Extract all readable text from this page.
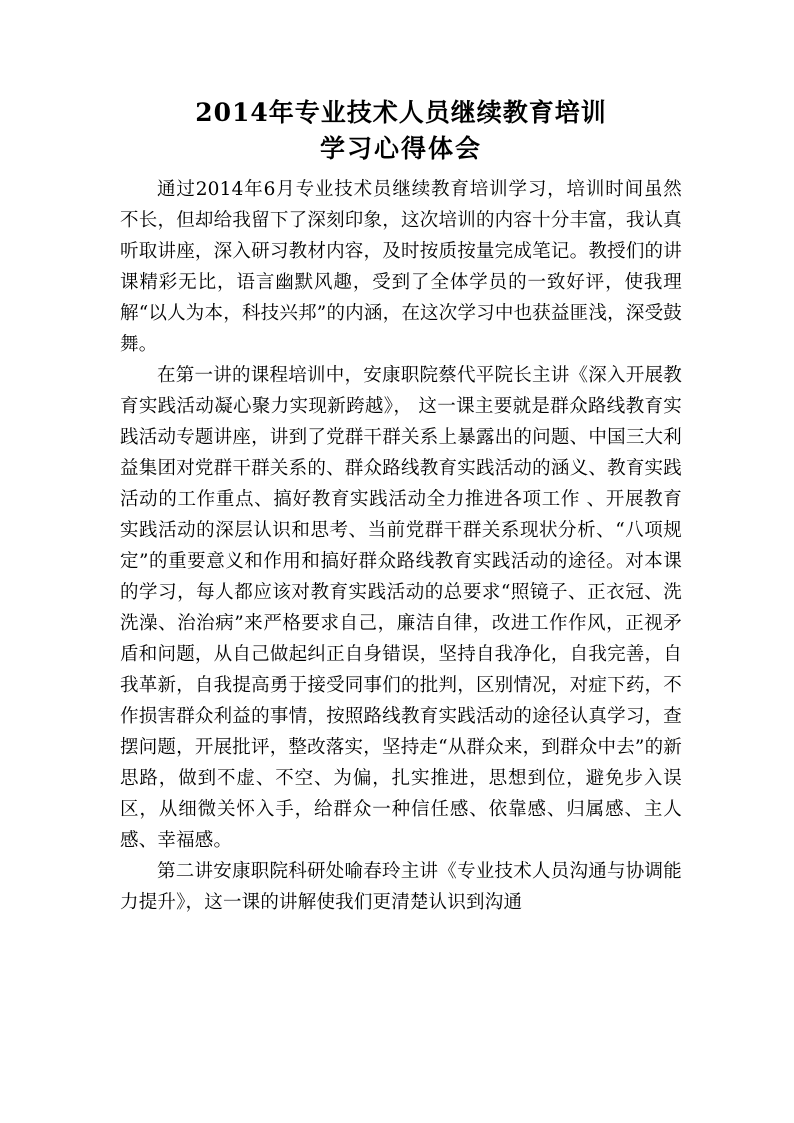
2014年专业技术人员继续教育培训
学习心得体会

通过2014年6月专业技术员继续教育培训学习，培训时间虽然不长，但却给我留下了深刻印象，这次培训的内容十分丰富，我认真听取讲座，深入研习教材内容，及时按质按量完成笔记。教授们的讲课精彩无比，语言幽默风趣，受到了全体学员的一致好评，使我理解“以人为本，科技兴邦”的内涵，在这次学习中也获益匪浅，深受鼓舞。

在第一讲的课程培训中，安康职院蔡代平院长主讲《深入开展教育实践活动凝心聚力实现新跨越》， 这一课主要就是群众路线教育实践活动专题讲座，讲到了党群干群关系上暴露出的问题、中国三大利益集团对党群干群关系的、群众路线教育实践活动的涵义、教育实践活动的工作重点、搞好教育实践活动全力推进各项工作 、开展教育实践活动的深层认识和思考、当前党群干群关系现状分析、“八项规定”的重要意义和作用和搞好群众路线教育实践活动的途径。对本课的学习，每人都应该对教育实践活动的总要求“照镜子、正衣冠、洗洗澡、治治病”来严格要求自己，廉洁自律，改进工作作风，正视矛盾和问题，从自己做起纠正自身错误，坚持自我净化，自我完善，自我革新，自我提高勇于接受同事们的批判，区别情况，对症下药，不作损害群众利益的事情，按照路线教育实践活动的途径认真学习，查摆问题，开展批评，整改落实，坚持走“从群众来，到群众中去”的新思路，做到不虚、不空、为偏，扎实推进，思想到位，避免步入误区，从细微关怀入手，给群众一种信任感、依靠感、归属感、主人感、幸福感。

第二讲安康职院科研处喻春玲主讲《专业技术人员沟通与协调能力提升》，这一课的讲解使我们更清楚认识到沟通
